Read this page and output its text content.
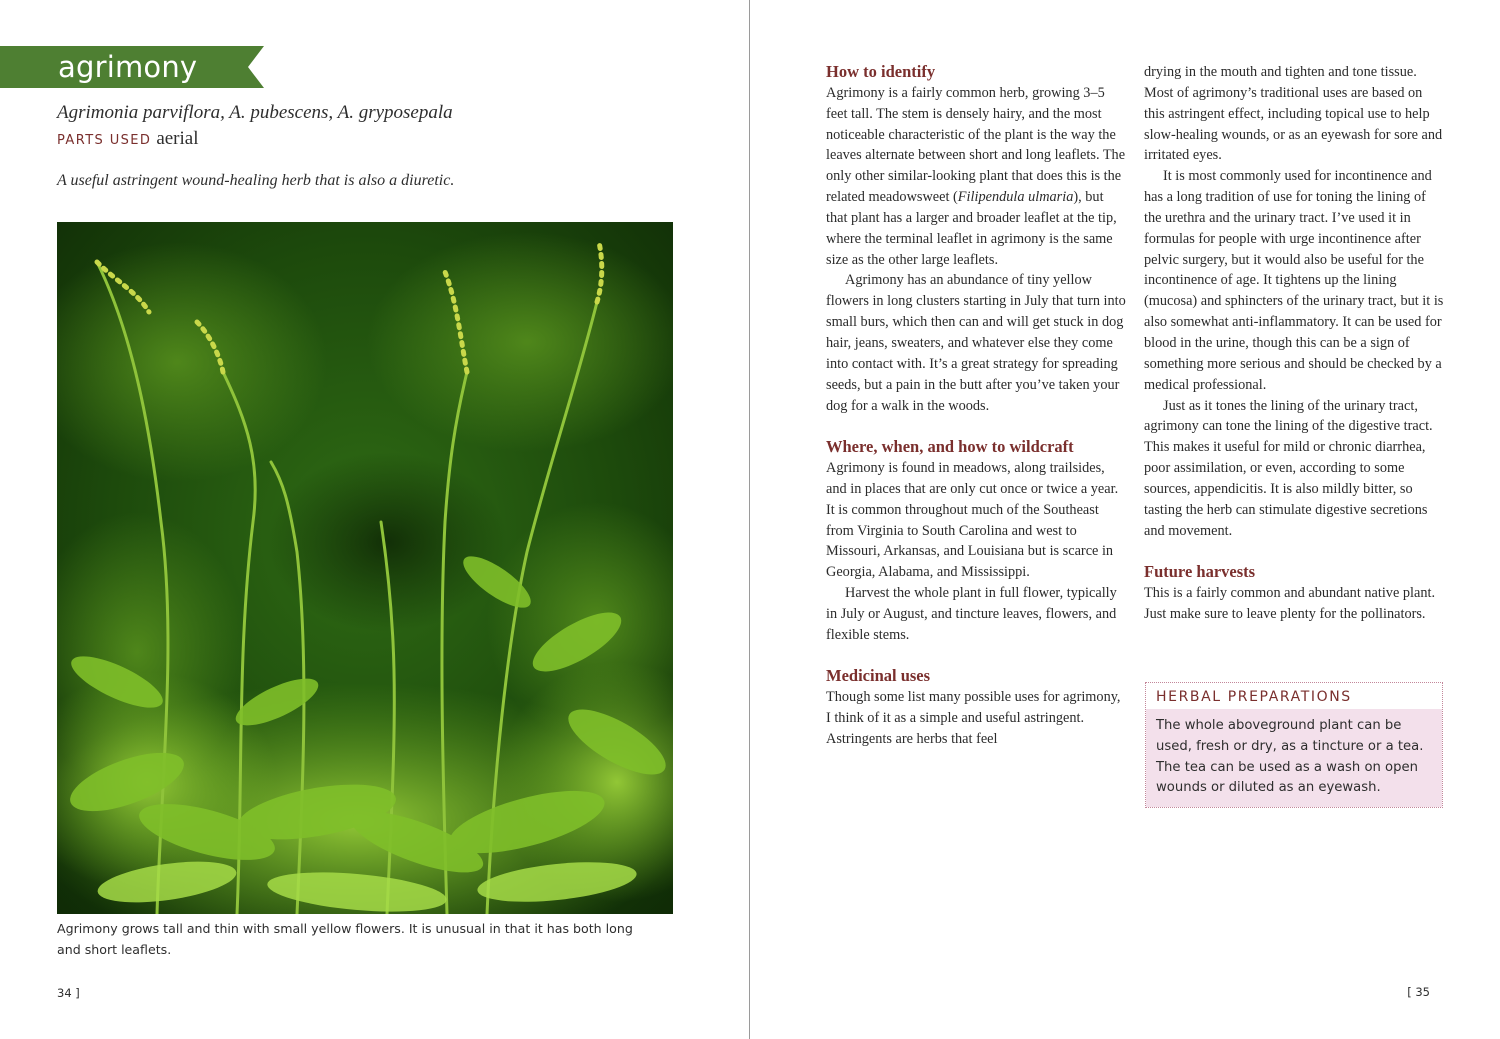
agrimony
Agrimonia parviflora, A. pubescens, A. gryposepala
PARTS USED aerial
A useful astringent wound-healing herb that is also a diuretic.
Agrimony grows tall and thin with small yellow flowers. It is unusual in that it has both long and short leaflets.
34 ]
How to identify

Agrimony is a fairly common herb, growing 3–5 feet tall. The stem is densely hairy, and the most noticeable characteristic of the plant is the way the leaves alternate between short and long leaflets. The only other similar-looking plant that does this is the related meadowsweet (Filipendula ulmaria), but that plant has a larger and broader leaflet at the tip, where the terminal leaflet in agrimony is the same size as the other large leaflets.

Agrimony has an abundance of tiny yellow flowers in long clusters starting in July that turn into small burs, which then can and will get stuck in dog hair, jeans, sweaters, and whatever else they come into contact with. It’s a great strategy for spreading seeds, but a pain in the butt after you’ve taken your dog for a walk in the woods.

Where, when, and how to wildcraft

Agrimony is found in meadows, along trailsides, and in places that are only cut once or twice a year. It is common throughout much of the Southeast from Virginia to South Carolina and west to Missouri, Arkansas, and Louisiana but is scarce in Georgia, Alabama, and Mississippi.

Harvest the whole plant in full flower, typically in July or August, and tincture leaves, flowers, and flexible stems.

Medicinal uses

Though some list many possible uses for agrimony, I think of it as a simple and useful astringent. Astringents are herbs that feel

drying in the mouth and tighten and tone tissue. Most of agrimony’s traditional uses are based on this astringent effect, including topical use to help slow-healing wounds, or as an eyewash for sore and irritated eyes.

It is most commonly used for incontinence and has a long tradition of use for toning the lining of the urethra and the urinary tract. I’ve used it in formulas for people with urge incontinence after pelvic surgery, but it would also be useful for the incontinence of age. It tightens up the lining (mucosa) and sphincters of the urinary tract, but it is also somewhat anti-inflammatory. It can be used for blood in the urine, though this can be a sign of something more serious and should be checked by a medical professional.

Just as it tones the lining of the urinary tract, agrimony can tone the lining of the digestive tract. This makes it useful for mild or chronic diarrhea, poor assimilation, or even, according to some sources, appendicitis. It is also mildly bitter, so tasting the herb can stimulate digestive secretions and movement.

Future harvests

This is a fairly common and abundant native plant. Just make sure to leave plenty for the pollinators.

HERBAL PREPARATIONS
The whole aboveground plant can be used, fresh or dry, as a tincture or a tea. The tea can be used as a wash on open wounds or diluted as an eyewash.
[ 35
